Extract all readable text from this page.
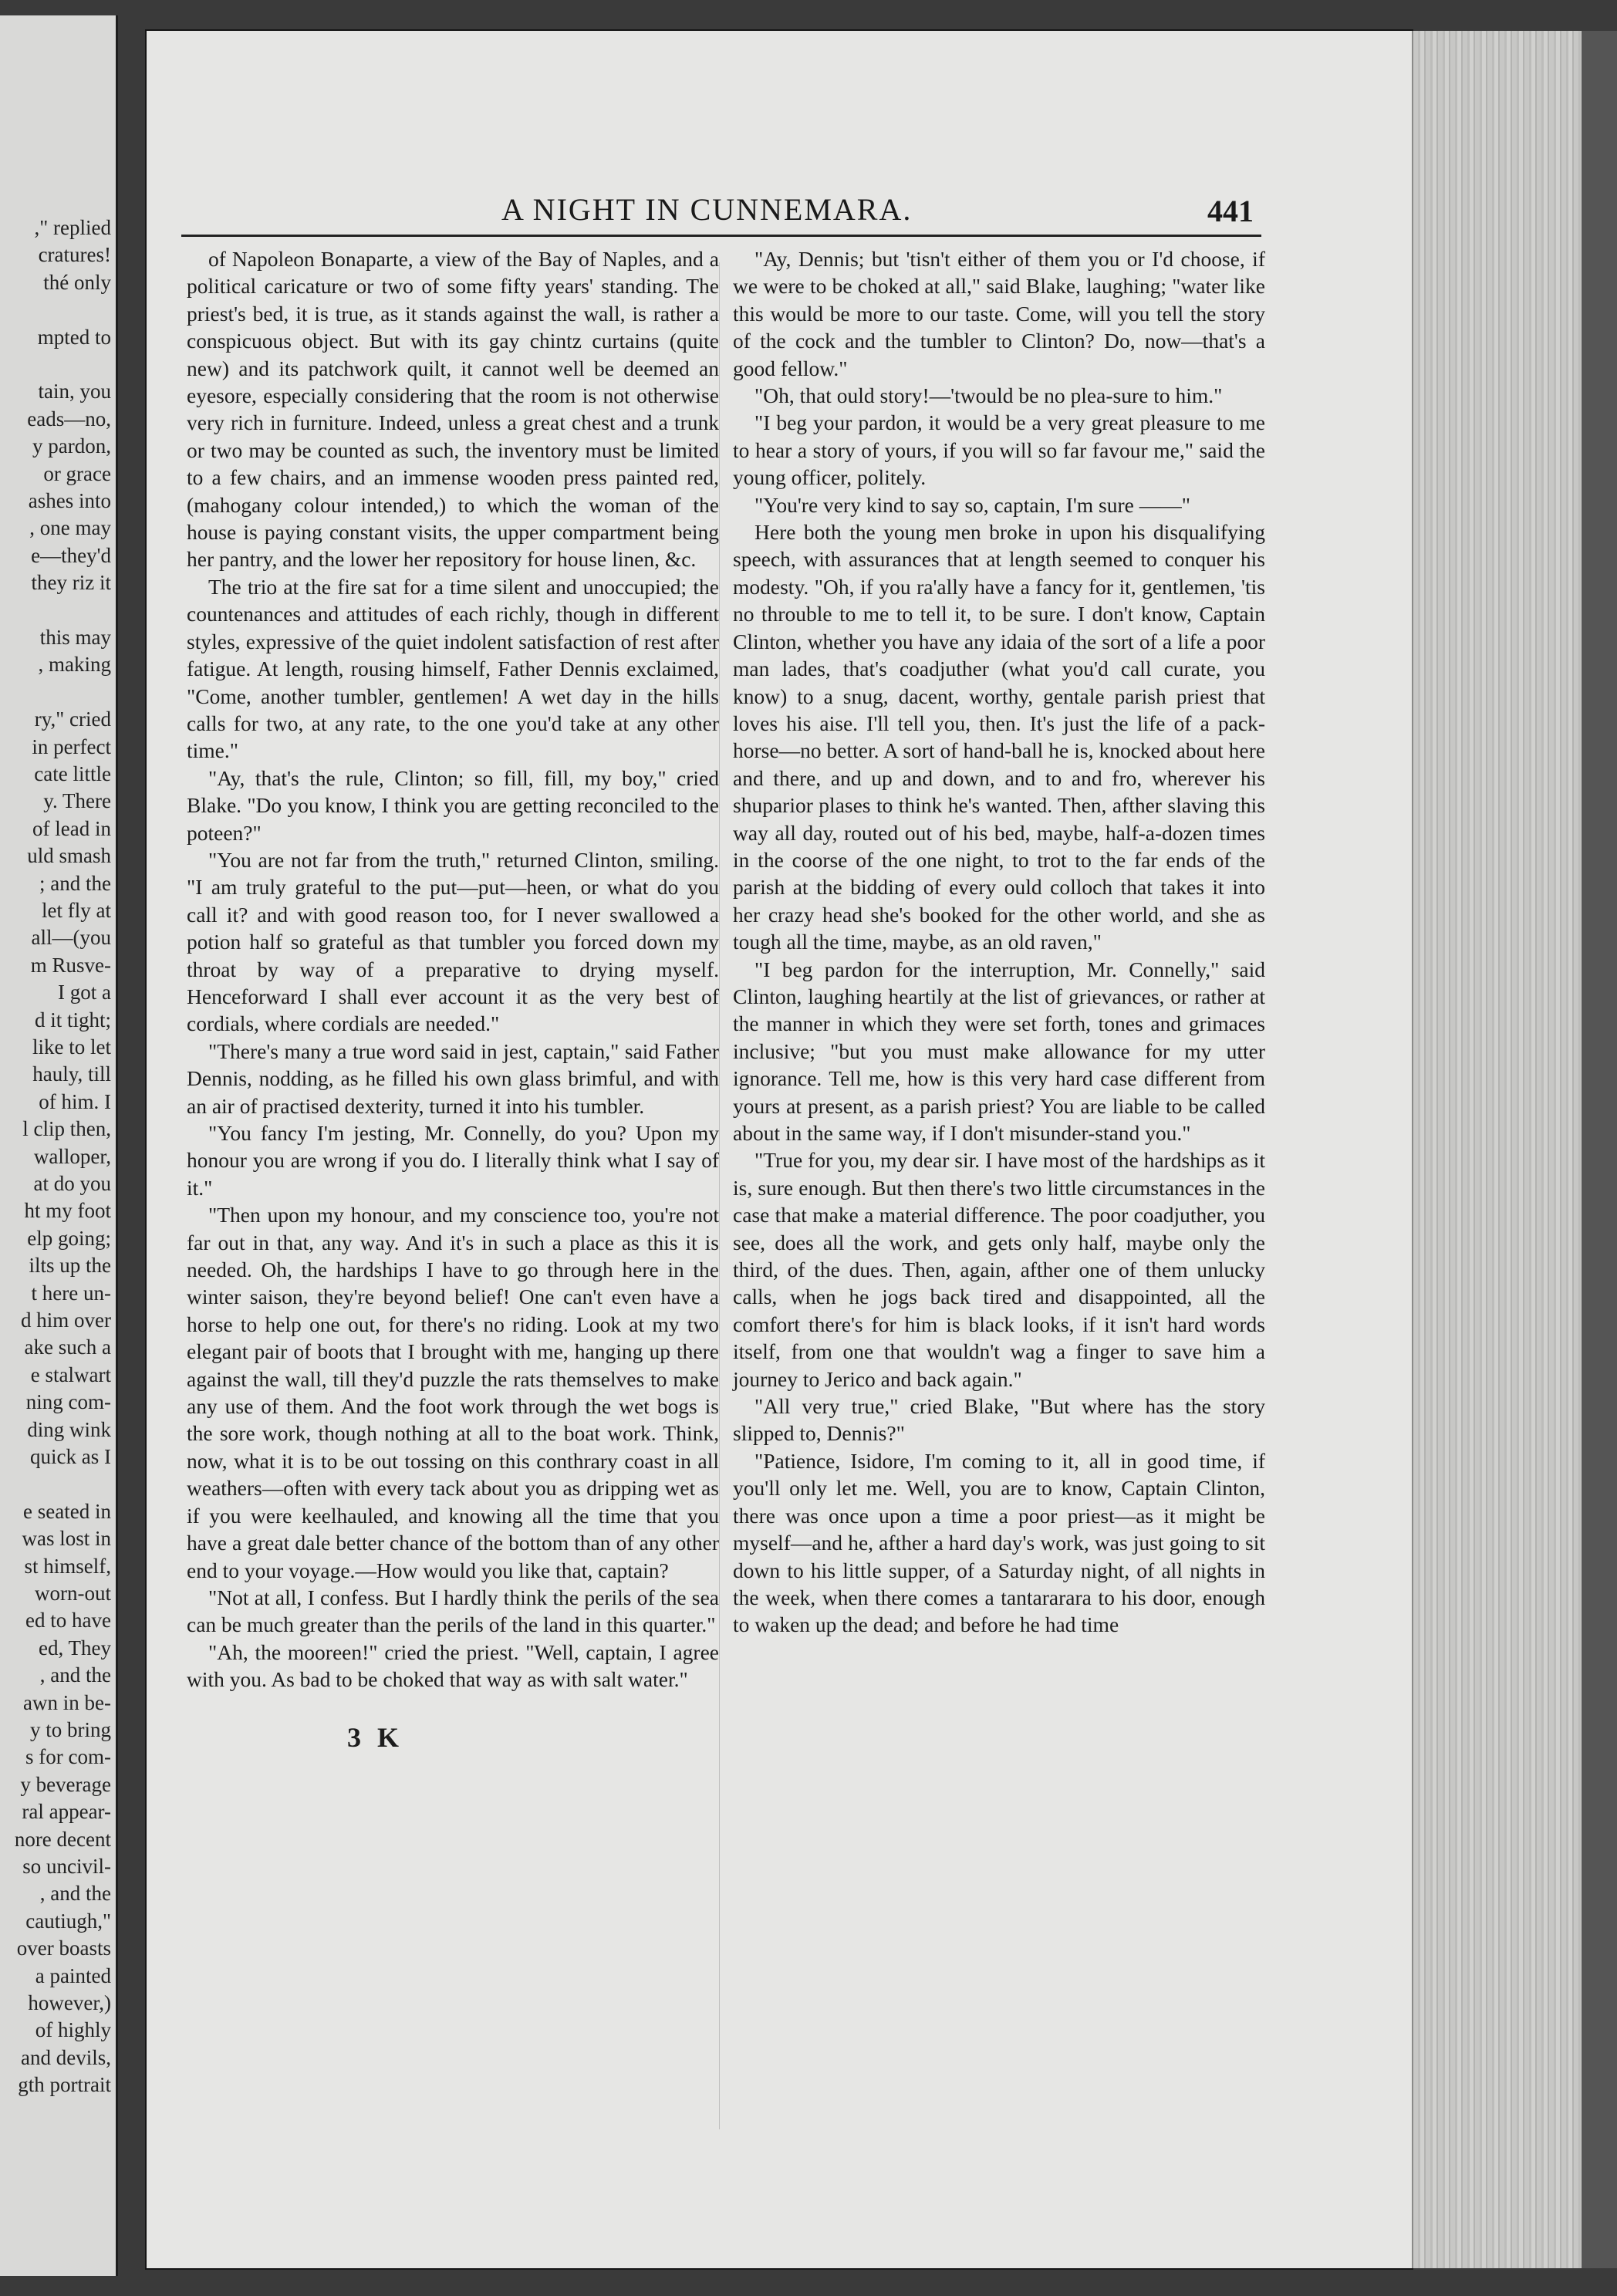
," replied
cratures!
thé only
mpted to
tain, you
eads—no,
y pardon,
or grace
ashes into
, one may
e—they'd
they riz it
this may
, making
ry," cried
in perfect
cate little
y. There
of lead in
uld smash
; and the
let fly at
all—(you
m Rusve-
I got a
d it tight;
like to let
hauly, till
of him. I
l clip then,
walloper,
at do you
ht my foot
elp going;
ilts up the
t here un-
d him over
ake such a
e stalwart
ning com-
ding wink
quick as I
e seated in
was lost in
st himself,
worn-out
ed to have
ed, They
, and the
awn in be-
y to bring
s for com-
y beverage
ral appear-
nore decent
so uncivil-
, and the
cautiugh,"
over boasts
a painted
however,)
of highly
and devils,
gth portrait
A NIGHT IN CUNNEMARA.	441

of Napoleon Bonaparte, a view of the Bay of Naples, and a political caricature or two of some fifty years' standing. The priest's bed, it is true, as it stands against the wall, is rather a conspicuous object. But with its gay chintz curtains (quite new) and its patchwork quilt, it cannot well be deemed an eyesore, especially considering that the room is not otherwise very rich in furniture. Indeed, unless a great chest and a trunk or two may be counted as such, the inventory must be limited to a few chairs, and an immense wooden press painted red, (mahogany colour intended,) to which the woman of the house is paying constant visits, the upper compartment being her pantry, and the lower her repository for house linen, &c.

The trio at the fire sat for a time silent and unoccupied; the countenances and attitudes of each richly, though in different styles, expressive of the quiet indolent satisfaction of rest after fatigue. At length, rousing himself, Father Dennis exclaimed, "Come, another tumbler, gentlemen! A wet day in the hills calls for two, at any rate, to the one you'd take at any other time."

"Ay, that's the rule, Clinton; so fill, fill, my boy," cried Blake. "Do you know, I think you are getting reconciled to the poteen?"

"You are not far from the truth," returned Clinton, smiling. "I am truly grateful to the put—put—heen, or what do you call it? and with good reason too, for I never swallowed a potion half so grateful as that tumbler you forced down my throat by way of a preparative to drying myself. Henceforward I shall ever account it as the very best of cordials, where cordials are needed."

"There's many a true word said in jest, captain," said Father Dennis, nodding, as he filled his own glass brimful, and with an air of practised dexterity, turned it into his tumbler.

"You fancy I'm jesting, Mr. Connelly, do you? Upon my honour you are wrong if you do. I literally think what I say of it."

"Then upon my honour, and my conscience too, you're not far out in that, any way. And it's in such a place as this it is needed. Oh, the hardships I have to go through here in the winter saison, they're beyond belief! One can't even have a horse to help one out, for there's no riding. Look at my two elegant pair of boots that I brought with me, hanging up there against the wall, till they'd puzzle the rats themselves to make any use of them. And the foot work through the wet bogs is the sore work, though nothing at all to the boat work. Think, now, what it is to be out tossing on this conthrary coast in all weathers—often with every tack about you as dripping wet as if you were keelhauled, and knowing all the time that you have a great dale better chance of the bottom than of any other end to your voyage.—How would you like that, captain?

"Not at all, I confess. But I hardly think the perils of the sea can be much greater than the perils of the land in this quarter."

"Ah, the mooreen!" cried the priest. "Well, captain, I agree with you. As bad to be choked that way as with salt water."

3 K

"Ay, Dennis; but 'tisn't either of them you or I'd choose, if we were to be choked at all," said Blake, laughing; "water like this would be more to our taste. Come, will you tell the story of the cock and the tumbler to Clinton? Do, now—that's a good fellow."

"Oh, that ould story!—'twould be no plea-sure to him."

"I beg your pardon, it would be a very great pleasure to me to hear a story of yours, if you will so far favour me," said the young officer, politely.

"You're very kind to say so, captain, I'm sure ——"

Here both the young men broke in upon his disqualifying speech, with assurances that at length seemed to conquer his modesty. "Oh, if you ra'ally have a fancy for it, gentlemen, 'tis no throuble to me to tell it, to be sure. I don't know, Captain Clinton, whether you have any idaia of the sort of a life a poor man lades, that's coadjuther (what you'd call curate, you know) to a snug, dacent, worthy, gentale parish priest that loves his aise. I'll tell you, then. It's just the life of a pack-horse—no better. A sort of hand-ball he is, knocked about here and there, and up and down, and to and fro, wherever his shuparior plases to think he's wanted. Then, afther slaving this way all day, routed out of his bed, maybe, half-a-dozen times in the coorse of the one night, to trot to the far ends of the parish at the bidding of every ould colloch that takes it into her crazy head she's booked for the other world, and she as tough all the time, maybe, as an old raven,"

"I beg pardon for the interruption, Mr. Connelly," said Clinton, laughing heartily at the list of grievances, or rather at the manner in which they were set forth, tones and grimaces inclusive; "but you must make allowance for my utter ignorance. Tell me, how is this very hard case different from yours at present, as a parish priest? You are liable to be called about in the same way, if I don't misunder-stand you."

"True for you, my dear sir. I have most of the hardships as it is, sure enough. But then there's two little circumstances in the case that make a material difference. The poor coadjuther, you see, does all the work, and gets only half, maybe only the third, of the dues. Then, again, afther one of them unlucky calls, when he jogs back tired and disappointed, all the comfort there's for him is black looks, if it isn't hard words itself, from one that wouldn't wag a finger to save him a journey to Jerico and back again."

"All very true," cried Blake, "But where has the story slipped to, Dennis?"

"Patience, Isidore, I'm coming to it, all in good time, if you'll only let me. Well, you are to know, Captain Clinton, there was once upon a time a poor priest—as it might be myself—and he, afther a hard day's work, was just going to sit down to his little supper, of a Saturday night, of all nights in the week, when there comes a tantararara to his door, enough to waken up the dead; and before he had time
